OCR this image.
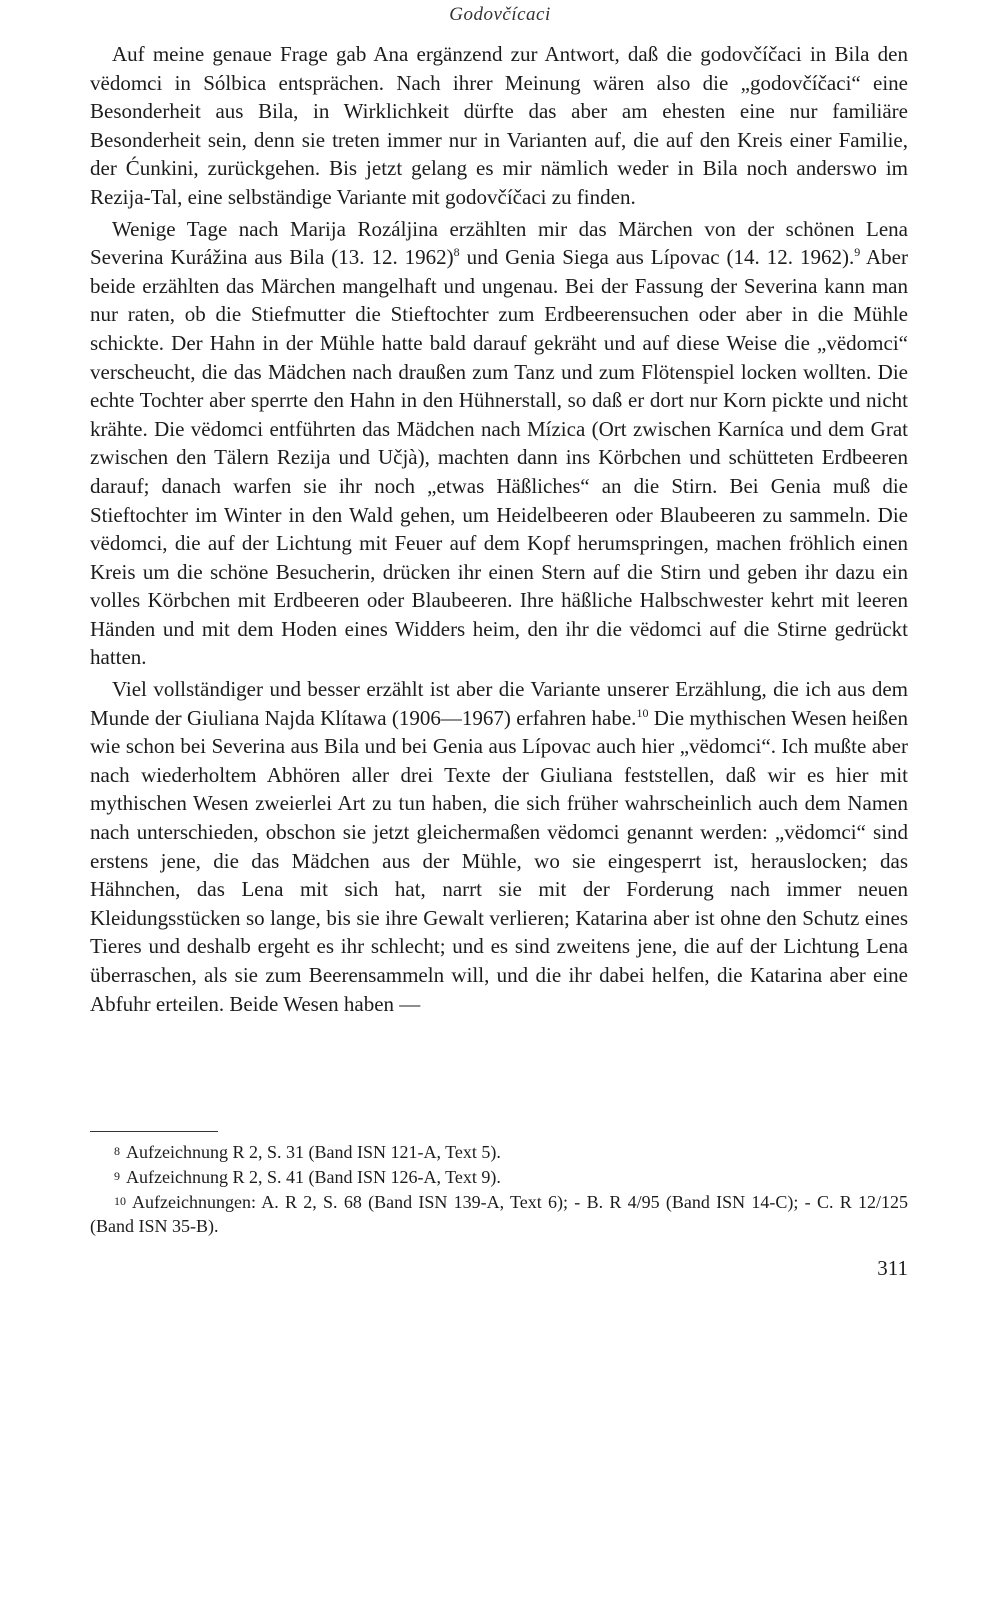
Godovčícaci

Auf meine genaue Frage gab Ana ergänzend zur Antwort, daß die godovčíčaci in Bila den vëdomci in Sólbica entsprächen. Nach ihrer Meinung wären also die „godovčíčaci“ eine Besonderheit aus Bila, in Wirklichkeit dürfte das aber am ehesten eine nur familiäre Besonderheit sein, denn sie treten immer nur in Varianten auf, die auf den Kreis einer Familie, der Ćunkini, zurückgehen. Bis jetzt gelang es mir nämlich weder in Bila noch anderswo im Rezija-Tal, eine selbständige Variante mit godovčíčaci zu finden.

Wenige Tage nach Marija Rozáljina erzählten mir das Märchen von der schönen Lena Severina Kurážina aus Bila (13. 12. 1962)$^8$ und Genia Siega aus Lípovac (14. 12. 1962).$^9$ Aber beide erzählten das Märchen mangelhaft und ungenau. Bei der Fassung der Severina kann man nur raten, ob die Stiefmutter die Stieftochter zum Erdbeerensuchen oder aber in die Mühle schickte. Der Hahn in der Mühle hatte bald darauf gekräht und auf diese Weise die „vëdomci“ verscheucht, die das Mädchen nach draußen zum Tanz und zum Flötenspiel locken wollten. Die echte Tochter aber sperrte den Hahn in den Hühnerstall, so daß er dort nur Korn pickte und nicht krähte. Die vëdomci entführten das Mädchen nach Mízica (Ort zwischen Karníca und dem Grat zwischen den Tälern Rezija und Učjà), machten dann ins Körbchen und schütteten Erdbeeren darauf; danach warfen sie ihr noch „etwas Häßliches“ an die Stirn. Bei Genia muß die Stieftochter im Winter in den Wald gehen, um Heidelbeeren oder Blaubeeren zu sammeln. Die vëdomci, die auf der Lichtung mit Feuer auf dem Kopf herumspringen, machen fröhlich einen Kreis um die schöne Besucherin, drücken ihr einen Stern auf die Stirn und geben ihr dazu ein volles Körbchen mit Erdbeeren oder Blaubeeren. Ihre häßliche Halbschwester kehrt mit leeren Händen und mit dem Hoden eines Widders heim, den ihr die vëdomci auf die Stirne gedrückt hatten.

Viel vollständiger und besser erzählt ist aber die Variante unserer Erzählung, die ich aus dem Munde der Giuliana Najda Klítawa (1906—1967) erfahren habe.$^{10}$ Die mythischen Wesen heißen wie schon bei Severina aus Bila und bei Genia aus Lípovac auch hier „vëdomci“. Ich mußte aber nach wiederholtem Abhören aller drei Texte der Giuliana feststellen, daß wir es hier mit mythischen Wesen zweierlei Art zu tun haben, die sich früher wahrscheinlich auch dem Namen nach unterschieden, obschon sie jetzt gleichermaßen vëdomci genannt werden: „vëdomci“ sind erstens jene, die das Mädchen aus der Mühle, wo sie eingesperrt ist, herauslocken; das Hähnchen, das Lena mit sich hat, narrt sie mit der Forderung nach immer neuen Kleidungsstücken so lange, bis sie ihre Gewalt verlieren; Katarina aber ist ohne den Schutz eines Tieres und deshalb ergeht es ihr schlecht; und es sind zweitens jene, die auf der Lichtung Lena überraschen, als sie zum Beerensammeln will, und die ihr dabei helfen, die Katarina aber eine Abfuhr erteilen. Beide Wesen haben —

8 Aufzeichnung R 2, S. 31 (Band ISN 121-A, Text 5).

9 Aufzeichnung R 2, S. 41 (Band ISN 126-A, Text 9).

10 Aufzeichnungen: A. R 2, S. 68 (Band ISN 139-A, Text 6); - B. R 4/95 (Band ISN 14-C); - C. R 12/125 (Band ISN 35-B).

311
